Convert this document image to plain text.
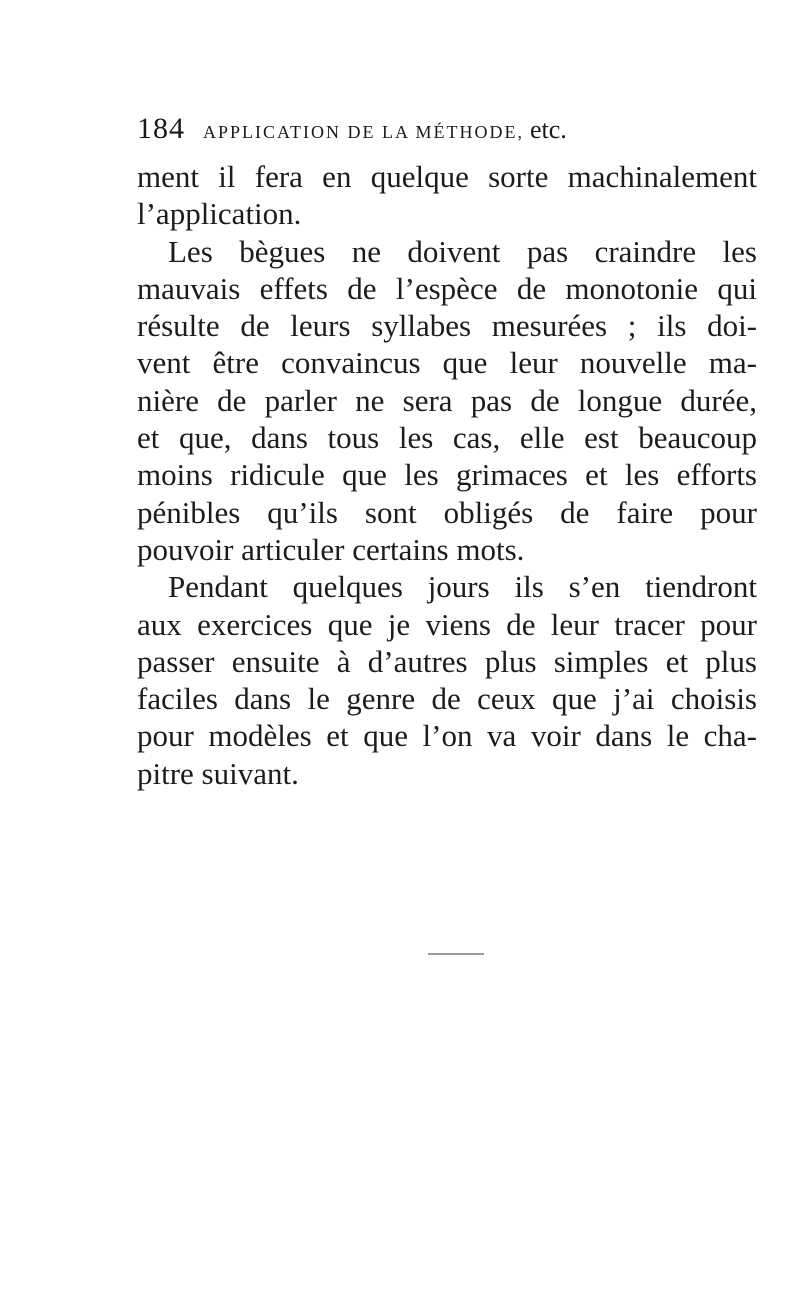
184 APPLICATION DE LA MÉTHODE, etc.
ment il fera en quelque sorte machinalement
l’application.
Les bègues ne doivent pas craindre les
mauvais effets de l’espèce de monotonie qui
résulte de leurs syllabes mesurées ; ils doi-
vent être convaincus que leur nouvelle ma-
nière de parler ne sera pas de longue durée,
et que, dans tous les cas, elle est beaucoup
moins ridicule que les grimaces et les efforts
pénibles qu’ils sont obligés de faire pour
pouvoir articuler certains mots.
Pendant quelques jours ils s’en tiendront
aux exercices que je viens de leur tracer pour
passer ensuite à d’autres plus simples et plus
faciles dans le genre de ceux que j’ai choisis
pour modèles et que l’on va voir dans le cha-
pitre suivant.
